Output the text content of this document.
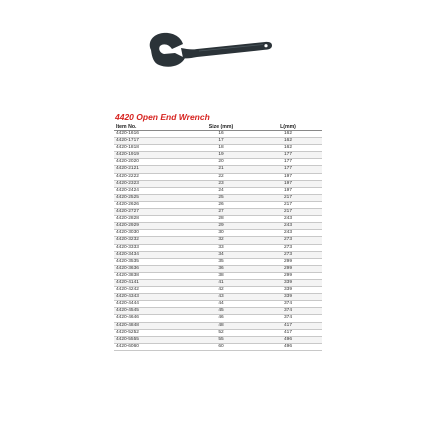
4420 Open End Wrench
Item No.	Size (mm)	L(mm)
4420-1616	16	162
4420-1717	17	162
4420-1818	18	162
4420-1919	19	177
4420-2020	20	177
4420-2121	21	177
4420-2222	22	197
4420-2323	23	197
4420-2424	24	197
4420-2525	25	217
4420-2626	26	217
4420-2727	27	217
4420-2828	28	243
4420-2929	29	243
4420-3030	30	243
4420-3232	32	273
4420-3333	33	273
4420-3434	34	273
4420-3535	35	299
4420-3636	36	299
4420-3838	38	299
4420-4141	41	339
4420-4242	42	339
4420-4343	43	339
4420-4444	44	374
4420-4545	45	374
4420-4646	46	374
4420-4848	48	417
4420-5252	52	417
4420-5555	55	496
4420-6060	60	496
